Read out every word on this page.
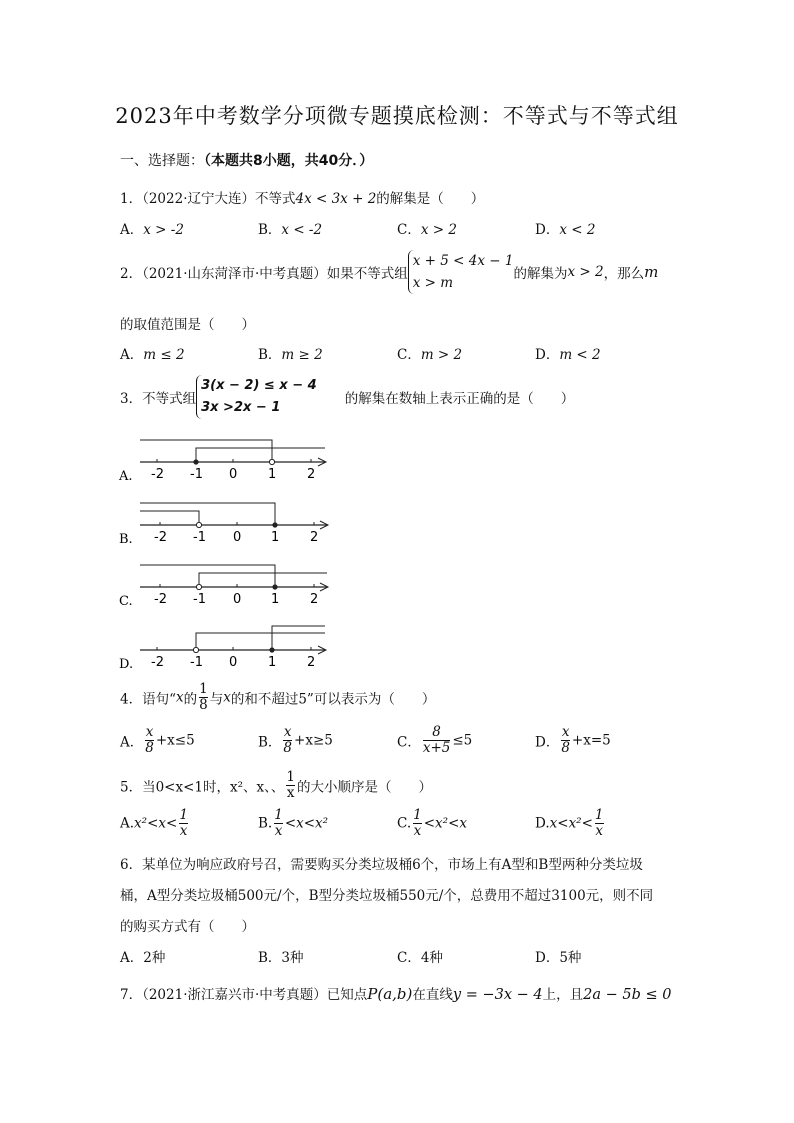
2023年中考数学分项微专题摸底检测：不等式与不等式组
一、选择题：（本题共8小题，共40分．）
1．（2022·辽宁大连）不等式4x < 3x + 2的解集是（　　）
A．x > -2	B．x < -2	C．x > 2	D．x < 2
2．（2021·山东菏泽市·中考真题）如果不等式组
x + 5 < 4x − 1
x > m
的解集为x > 2，那么m
的取值范围是（　　）
A．m ≤ 2	B．m ≥ 2	C．m > 2	D．m < 2
3．不等式组
3(x − 2) ≤ x − 4
3x >2x − 1
的解集在数轴上表示正确的是（　　）
A. -2 -1 0 1 2
B. -2 -1 0 1 2
C. -2 -1 0 1 2
D. -2 -1 0 1 2
4．语句“x的 $\frac{1}{8}$ 与x的和不超过5”可以表示为（　　）
A． $\frac{x}{8} +x\le 5$	B． $\frac{x}{8} +x\ge 5$	C． $\frac{8}{x+5} \le 5$	D． $\frac{x}{8} +x=5$
5．当0<x<1时，x²、x、、 $\frac{1}{x}$ 的大小顺序是（　　）
$A.x^2<x< \frac{1}{x}$	B. $\frac{1}{x} <x<x^2$	C. $\frac{1}{x} <x^2<x$	$D.x<x^2< \frac{1}{x}$
6．某单位为响应政府号召，需要购买分类垃圾桶6个，市场上有A型和B型两种分类垃圾
桶，A型分类垃圾桶500元/个，B型分类垃圾桶550元/个，总费用不超过3100元，则不同
的购买方式有（　　）
A．2种	B．3种	C．4种	D．5种
7．（2021·浙江嘉兴市·中考真题）已知点P(a,b)在直线y = −3x − 4上，且2a − 5b ≤ 0
